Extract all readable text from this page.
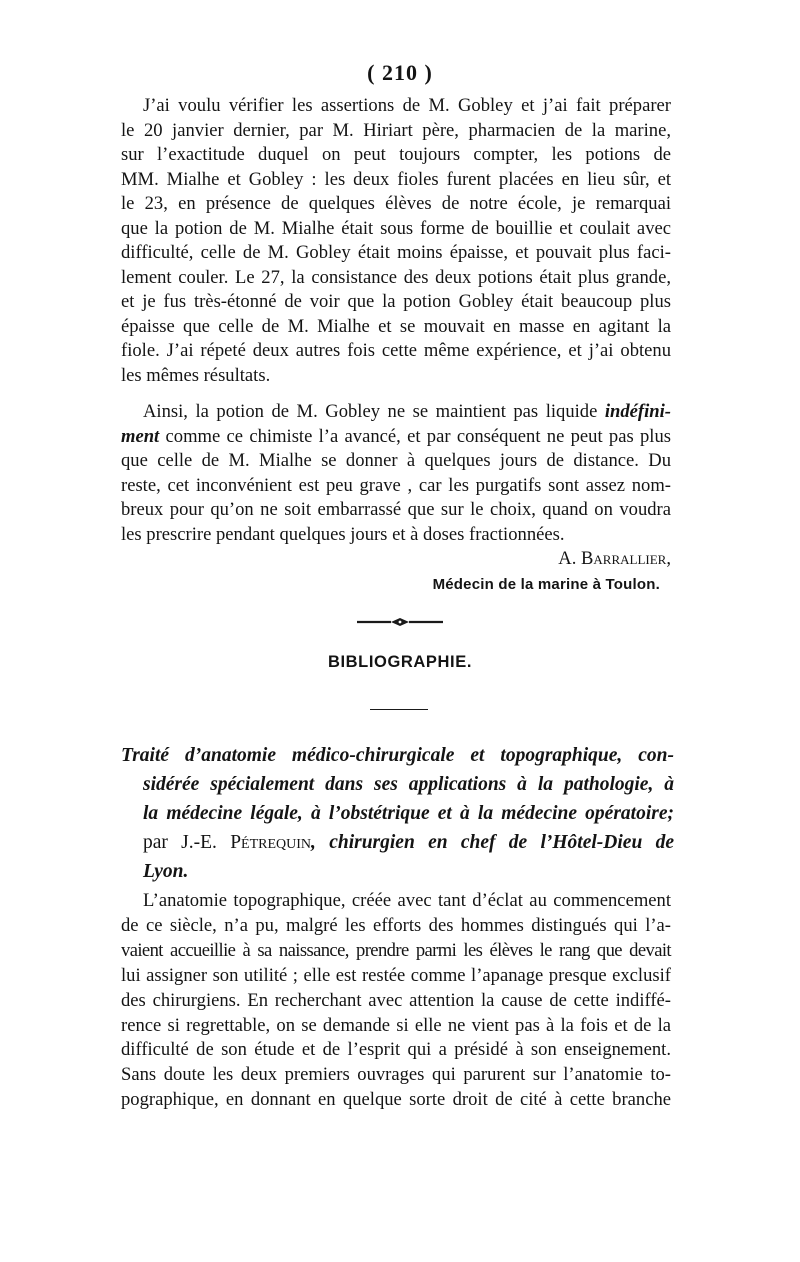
( 210 )

J’ai voulu vérifier les assertions de M. Gobley et j’ai fait préparer
le 20 janvier dernier, par M. Hiriart père, pharmacien de la marine,
sur l’exactitude duquel on peut toujours compter, les potions de
MM. Mialhe et Gobley : les deux fioles furent placées en lieu sûr, et
le 23, en présence de quelques élèves de notre école, je remarquai
que la potion de M. Mialhe était sous forme de bouillie et coulait avec
difficulté, celle de M. Gobley était moins épaisse, et pouvait plus faci-
lement couler. Le 27, la consistance des deux potions était plus grande,
et je fus très-étonné de voir que la potion Gobley était beaucoup plus
épaisse que celle de M. Mialhe et se mouvait en masse en agitant la
fiole. J’ai répeté deux autres fois cette même expérience, et j’ai obtenu
les mêmes résultats.

Ainsi, la potion de M. Gobley ne se maintient pas liquide indéfini-
ment comme ce chimiste l’a avancé, et par conséquent ne peut pas plus
que celle de M. Mialhe se donner à quelques jours de distance. Du
reste, cet inconvénient est peu grave , car les purgatifs sont assez nom-
breux pour qu’on ne soit embarrassé que sur le choix, quand on voudra
les prescrire pendant quelques jours et à doses fractionnées.

A. Barrallier,
Médecin de la marine à Toulon.
BIBLIOGRAPHIE.
Traité d’anatomie médico-chirurgicale et topographique, con-
sidérée spécialement dans ses applications à la pathologie, à
la médecine légale, à l’obstétrique et à la médecine opératoire;
par J.-E. Pétrequin, chirurgien en chef de l’Hôtel-Dieu de
Lyon.

L’anatomie topographique, créée avec tant d’éclat au commencement
de ce siècle, n’a pu, malgré les efforts des hommes distingués qui l’a-
vaient accueillie à sa naissance, prendre parmi les élèves le rang que devait
lui assigner son utilité ; elle est restée comme l’apanage presque exclusif
des chirurgiens. En recherchant avec attention la cause de cette indiffé-
rence si regrettable, on se demande si elle ne vient pas à la fois et de la
difficulté de son étude et de l’esprit qui a présidé à son enseignement.
Sans doute les deux premiers ouvrages qui parurent sur l’anatomie to-
pographique, en donnant en quelque sorte droit de cité à cette branche
